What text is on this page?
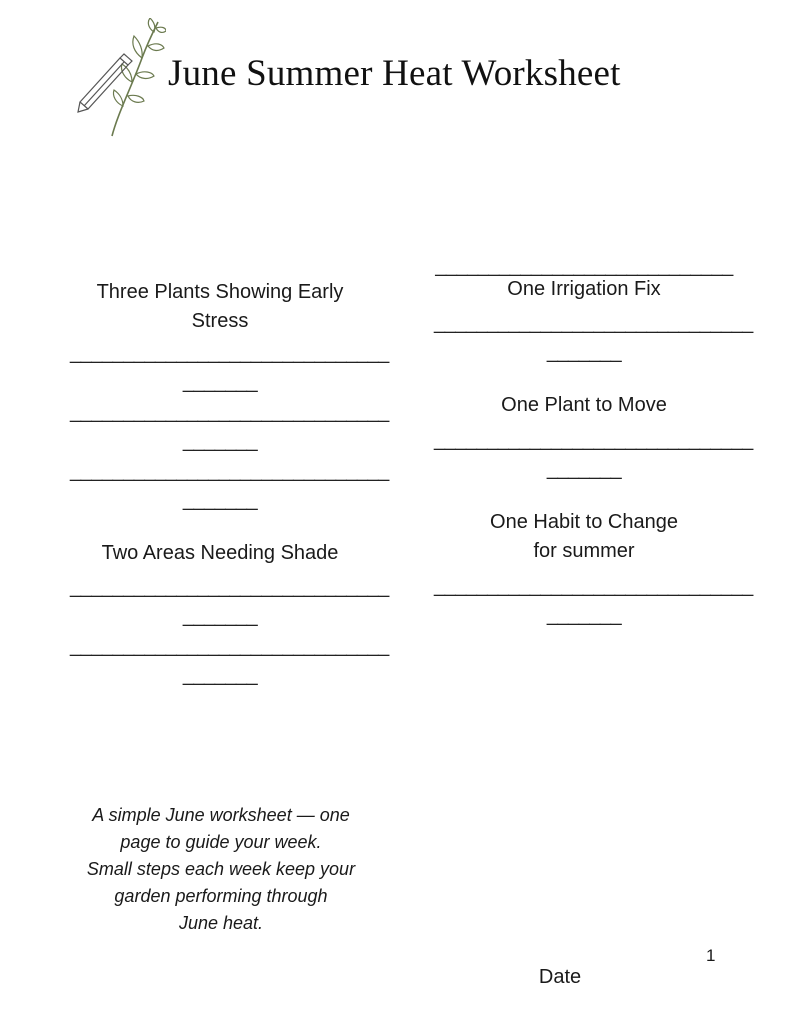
June Summer Heat Worksheet
Three Plants Showing Early
Stress
______________________________
_______
______________________________
_______
______________________________
_______
Two Areas Needing Shade
______________________________
_______
______________________________
_______
____________________________
One Irrigation Fix
______________________________
_______
One Plant to Move
______________________________
_______
One Habit to Change
for summer
______________________________
_______
A simple June worksheet — one
page to guide your week.
Small steps each week keep your
garden performing through
June heat.
1
Date
